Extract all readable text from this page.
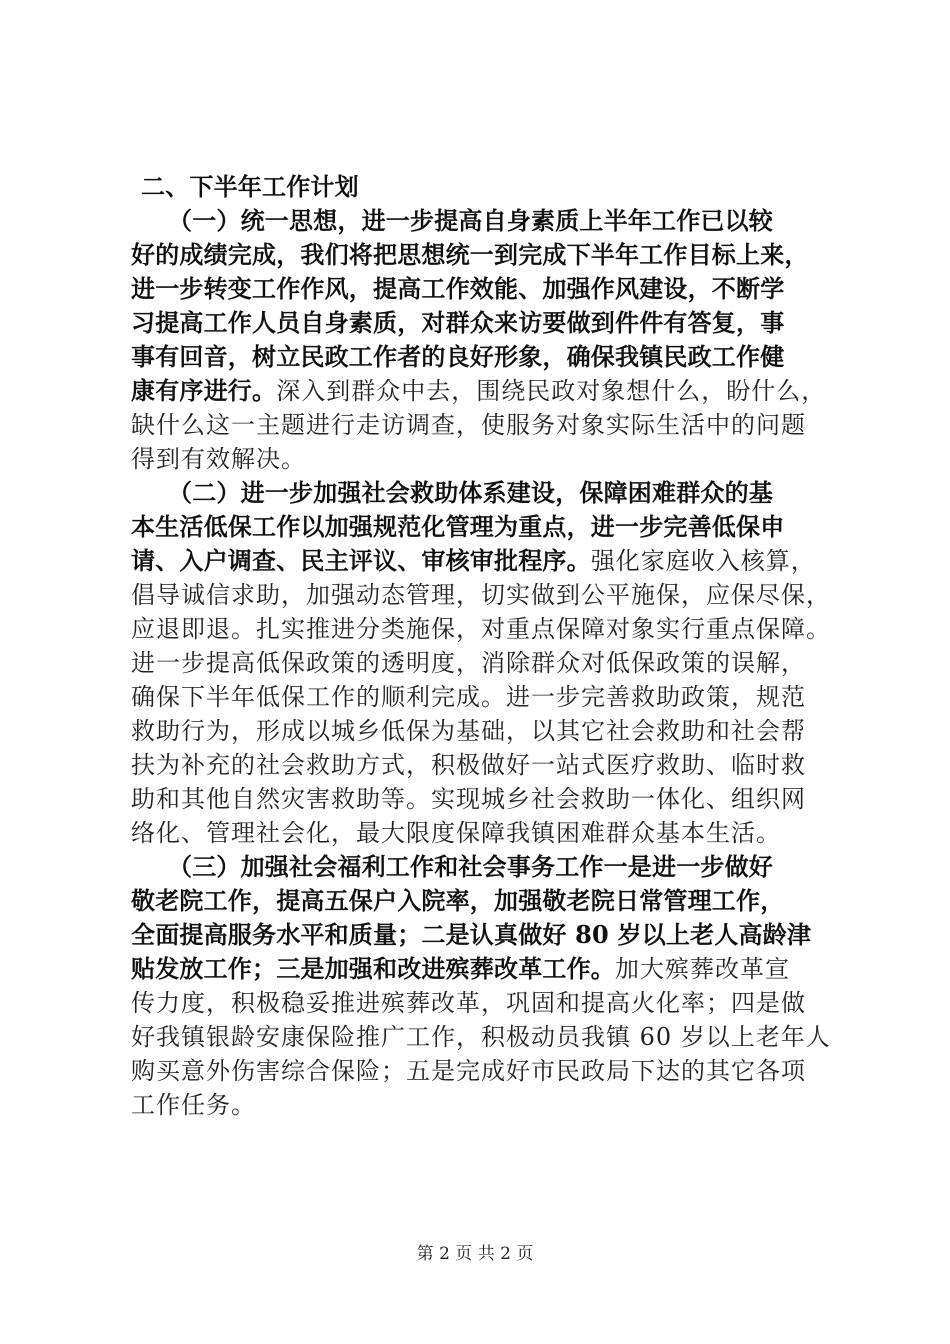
二、下半年工作计划
（一）统一思想，进一步提高自身素质上半年工作已以较
好的成绩完成，我们将把思想统一到完成下半年工作目标上来，
进一步转变工作作风，提高工作效能、加强作风建设，不断学
习提高工作人员自身素质，对群众来访要做到件件有答复，事
事有回音，树立民政工作者的良好形象，确保我镇民政工作健
康有序进行。深入到群众中去，围绕民政对象想什么，盼什么，
缺什么这一主题进行走访调查，使服务对象实际生活中的问题
得到有效解决。
（二）进一步加强社会救助体系建设，保障困难群众的基
本生活低保工作以加强规范化管理为重点，进一步完善低保申
请、入户调查、民主评议、审核审批程序。强化家庭收入核算，
倡导诚信求助，加强动态管理，切实做到公平施保，应保尽保，
应退即退。扎实推进分类施保，对重点保障对象实行重点保障。
进一步提高低保政策的透明度，消除群众对低保政策的误解，
确保下半年低保工作的顺利完成。进一步完善救助政策，规范
救助行为，形成以城乡低保为基础，以其它社会救助和社会帮
扶为补充的社会救助方式，积极做好一站式医疗救助、临时救
助和其他自然灾害救助等。实现城乡社会救助一体化、组织网
络化、管理社会化，最大限度保障我镇困难群众基本生活。
（三）加强社会福利工作和社会事务工作一是进一步做好
敬老院工作，提高五保户入院率，加强敬老院日常管理工作，
全面提高服务水平和质量；二是认真做好 80 岁以上老人高龄津
贴发放工作；三是加强和改进殡葬改革工作。加大殡葬改革宣
传力度，积极稳妥推进殡葬改革，巩固和提高火化率；四是做
好我镇银龄安康保险推广工作，积极动员我镇 60 岁以上老年人
购买意外伤害综合保险；五是完成好市民政局下达的其它各项
工作任务。
第 2 页 共 2 页
